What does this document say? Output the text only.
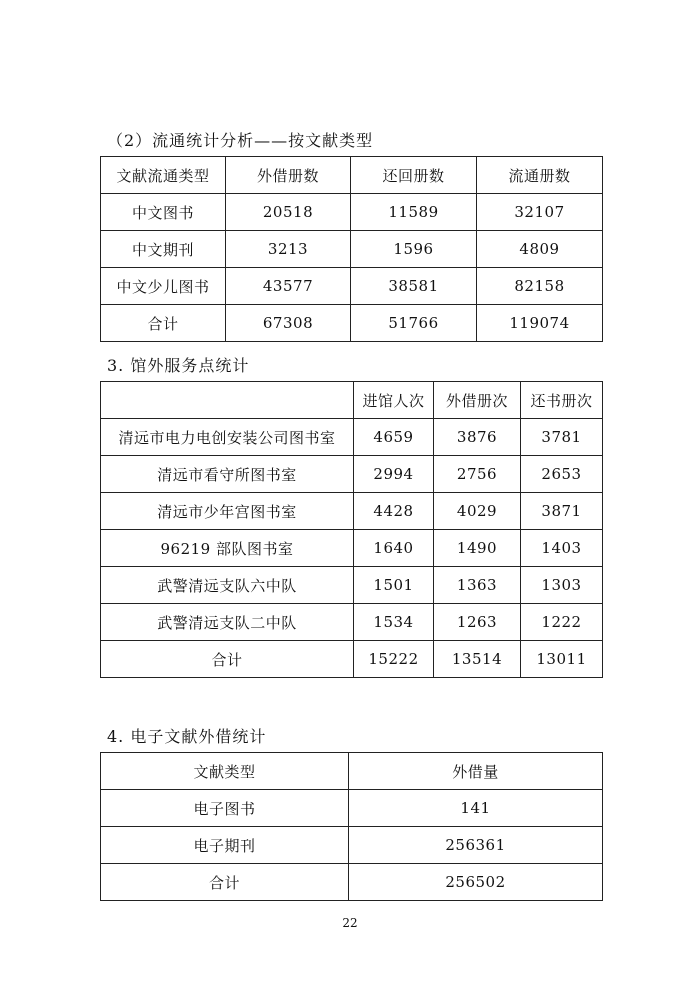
（2）流通统计分析——按文献类型
文献流通类型	外借册数	还回册数	流通册数
中文图书	20518	11589	32107
中文期刊	3213	1596	4809
中文少儿图书	43577	38581	82158
合计	67308	51766	119074
3. 馆外服务点统计
	进馆人次	外借册次	还书册次
清远市电力电创安装公司图书室	4659	3876	3781
清远市看守所图书室	2994	2756	2653
清远市少年宫图书室	4428	4029	3871
96219 部队图书室	1640	1490	1403
武警清远支队六中队	1501	1363	1303
武警清远支队二中队	1534	1263	1222
合计	15222	13514	13011
4. 电子文献外借统计
文献类型	外借量
电子图书	141
电子期刊	256361
合计	256502
22
